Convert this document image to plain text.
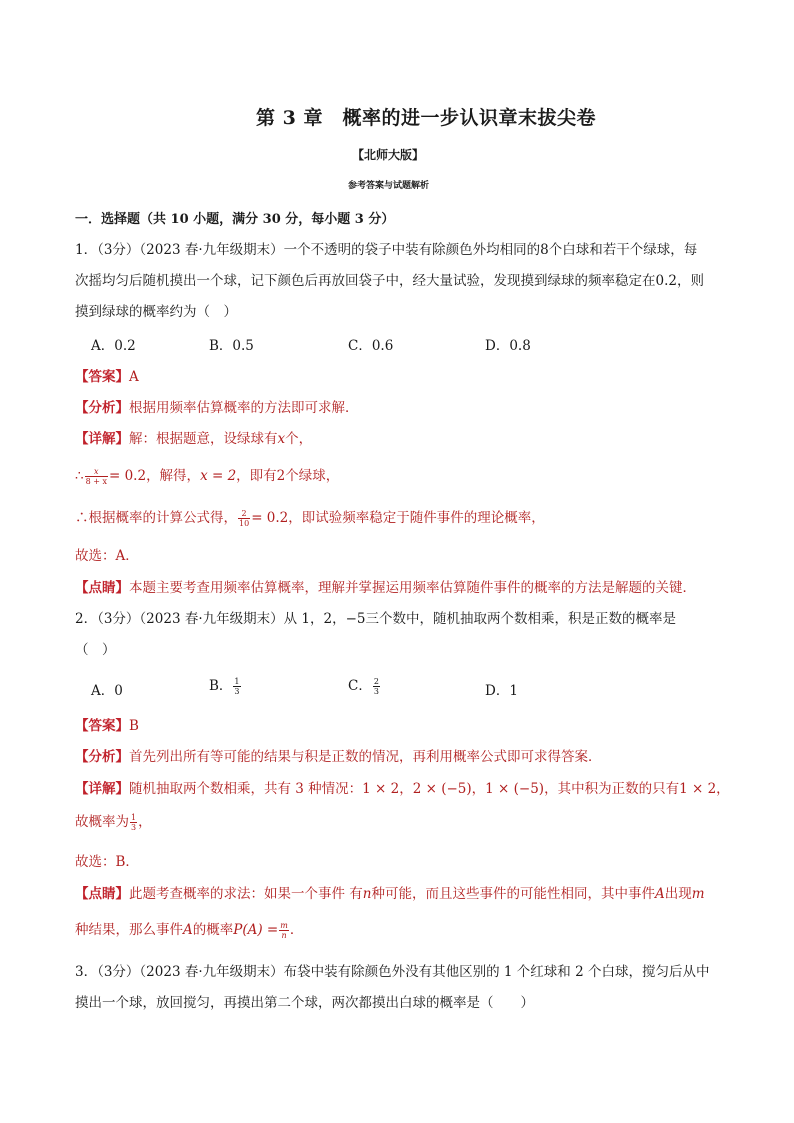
第 3 章　概率的进一步认识章末拔尖卷
【北师大版】
参考答案与试题解析
一．选择题（共 10 小题，满分 30 分，每小题 3 分）
1．（3分）（2023 春·九年级期末）一个不透明的袋子中装有除颜色外均相同的8个白球和若干个绿球，每
次摇均匀后随机摸出一个球，记下颜色后再放回袋子中，经大量试验，发现摸到绿球的频率稳定在0.2，则
摸到绿球的概率约为（　）
A．0.2	B．0.5	C．0.6	D．0.8
【答案】A
【分析】根据用频率估算概率的方法即可求解．
【详解】解：根据题意，设绿球有x个，
∴ $\frac{x}{8 + x} = 0.2$，解得，x = 2，即有2个绿球，
∴根据概率的计算公式得， $\frac{2}{10} = 0.2$，即试验频率稳定于随件事件的理论概率，
故选：A．
【点睛】本题主要考查用频率估算概率，理解并掌握运用频率估算随件事件的概率的方法是解题的关键．
2．（3分）（2023 春·九年级期末）从 1，2，−5三个数中，随机抽取两个数相乘，积是正数的概率是
（　）
A．0	B． $\frac{1}{3}$	C． $\frac{2}{3}$	D．1
【答案】B
【分析】首先列出所有等可能的结果与积是正数的情况，再利用概率公式即可求得答案．
【详解】随机抽取两个数相乘，共有 3 种情况：1 × 2，2 × (−5)，1 × (−5)，其中积为正数的只有1 × 2，
故概率为 $\frac{1}{3}$ ，
故选：B．
【点睛】此题考查概率的求法：如果一个事件 有n种可能，而且这些事件的可能性相同，其中事件A出现m
种结果，那么事件A的概率$P(A) = \frac{m}{n}$ ．
3．（3分）（2023 春·九年级期末）布袋中装有除颜色外没有其他区别的 1 个红球和 2 个白球，搅匀后从中
摸出一个球，放回搅匀，再摸出第二个球，两次都摸出白球的概率是（　　）
